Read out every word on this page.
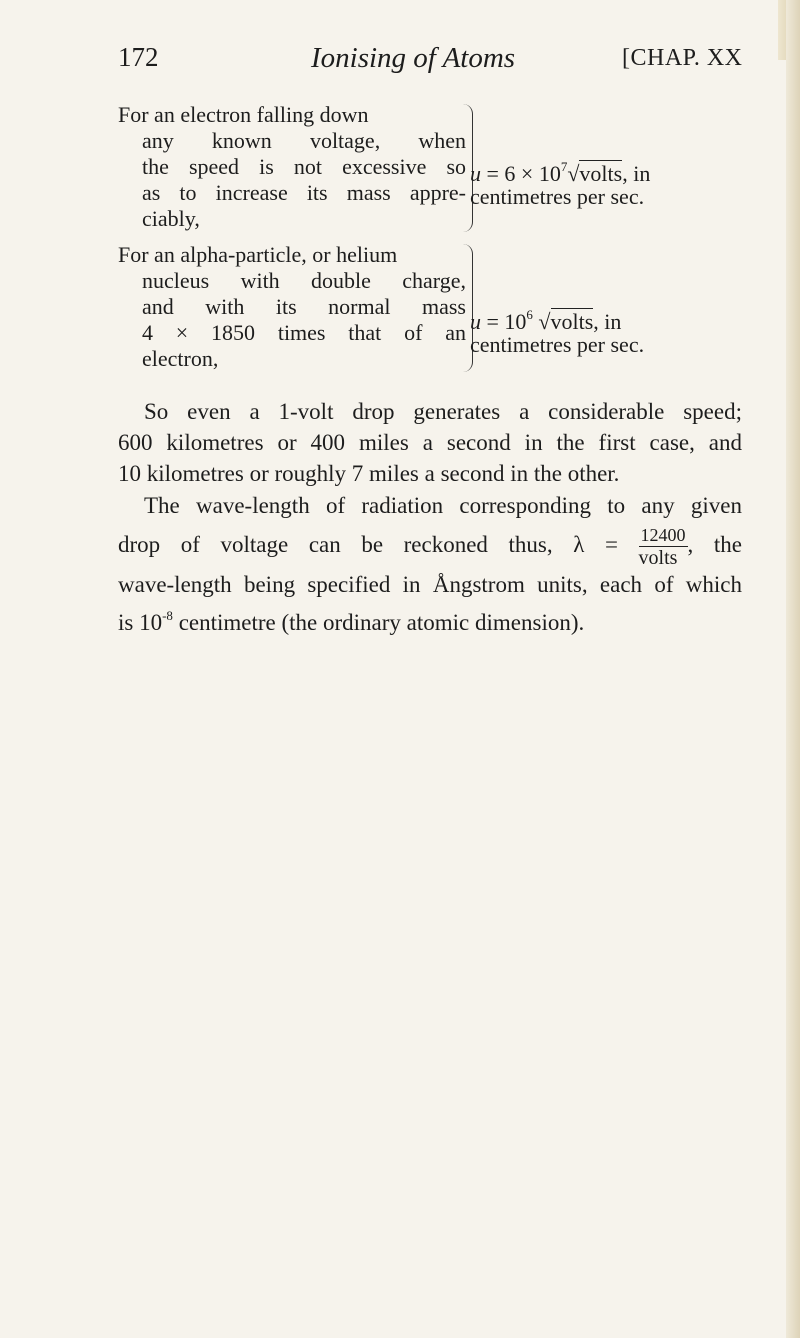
172	Ionising of Atoms	[CHAP. XX
For an electron falling down
any known voltage, when
the speed is not excessive so
as to increase its mass appre-
ciably,
$u = 6 \times 10^7√volts$, in
centimetres per sec.
For an alpha-particle, or helium
nucleus with double charge,
and with its normal mass
4 × 1850 times that of an
electron,
$u = 10^6$ √volts, in
centimetres per sec.
So even a 1-volt drop generates a considerable speed;
600 kilometres or 400 miles a second in the first case, and
10 kilometres or roughly 7 miles a second in the other.
The wave-length of radiation corresponding to any given
drop of voltage can be reckoned thus, $\lambda = \frac{12400}{\text{volts}}$ , the
wave-length being specified in Ångstrom units, each of which
is $10^{-8}$ centimetre (the ordinary atomic dimension).
